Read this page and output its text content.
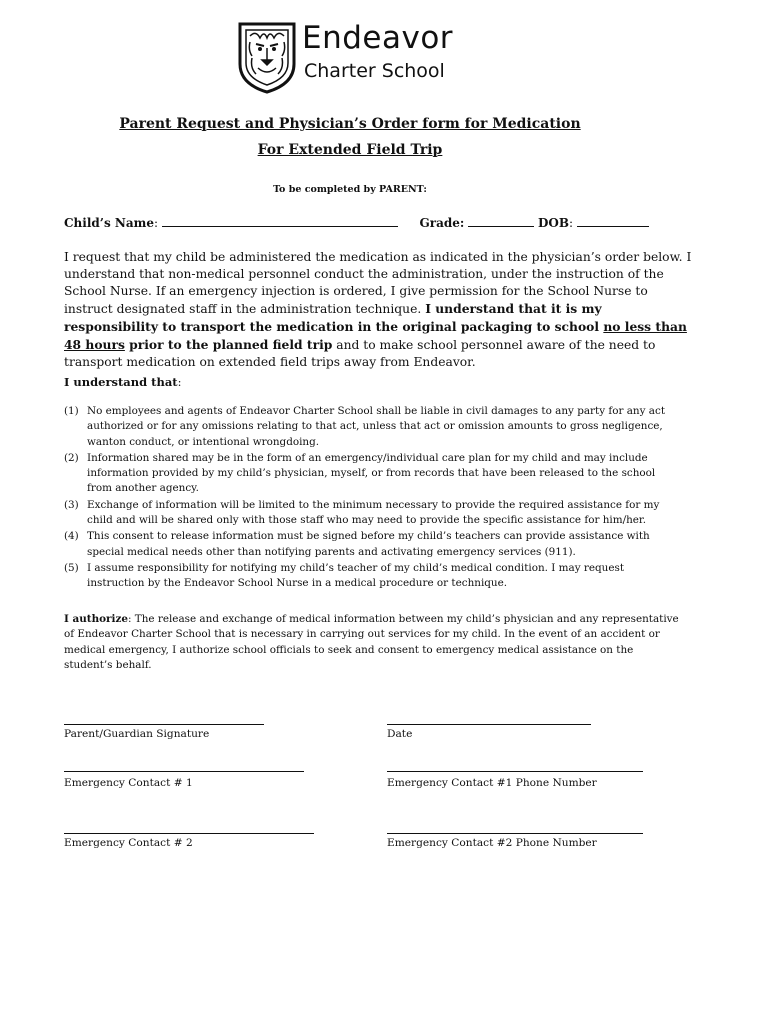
Endeavor
Charter School
Parent Request and Physician’s Order form for Medication
For Extended Field Trip
To be completed by PARENT:
Child’s Name:	Grade:	DOB:
I request that my child be administered the medication as indicated in the physician’s order below. I understand that non-medical personnel conduct the administration, under the instruction of the School Nurse. If an emergency injection is ordered, I give permission for the School Nurse to instruct designated staff in the administration technique. I understand that it is my responsibility to transport the medication in the original packaging to school no less than 48 hours prior to the planned field trip and to make school personnel aware of the need to transport medication on extended field trips away from Endeavor.
I understand that:
(1) No employees and agents of Endeavor Charter School shall be liable in civil damages to any party for any act authorized or for any omissions relating to that act, unless that act or omission amounts to gross negligence, wanton conduct, or intentional wrongdoing.
(2) Information shared may be in the form of an emergency/individual care plan for my child and may include information provided by my child’s physician, myself, or from records that have been released to the school from another agency.
(3) Exchange of information will be limited to the minimum necessary to provide the required assistance for my child and will be shared only with those staff who may need to provide the specific assistance for him/her.
(4) This consent to release information must be signed before my child’s teachers can provide assistance with special medical needs other than notifying parents and activating emergency services (911).
(5) I assume responsibility for notifying my child’s teacher of my child’s medical condition. I may request instruction by the Endeavor School Nurse in a medical procedure or technique.
I authorize: The release and exchange of medical information between my child’s physician and any representative of Endeavor Charter School that is necessary in carrying out services for my child. In the event of an accident or medical emergency, I authorize school officials to seek and consent to emergency medical assistance on the student’s behalf.
Parent/Guardian Signature	Date
Emergency Contact # 1	Emergency Contact #1 Phone Number
Emergency Contact # 2	Emergency Contact #2 Phone Number
